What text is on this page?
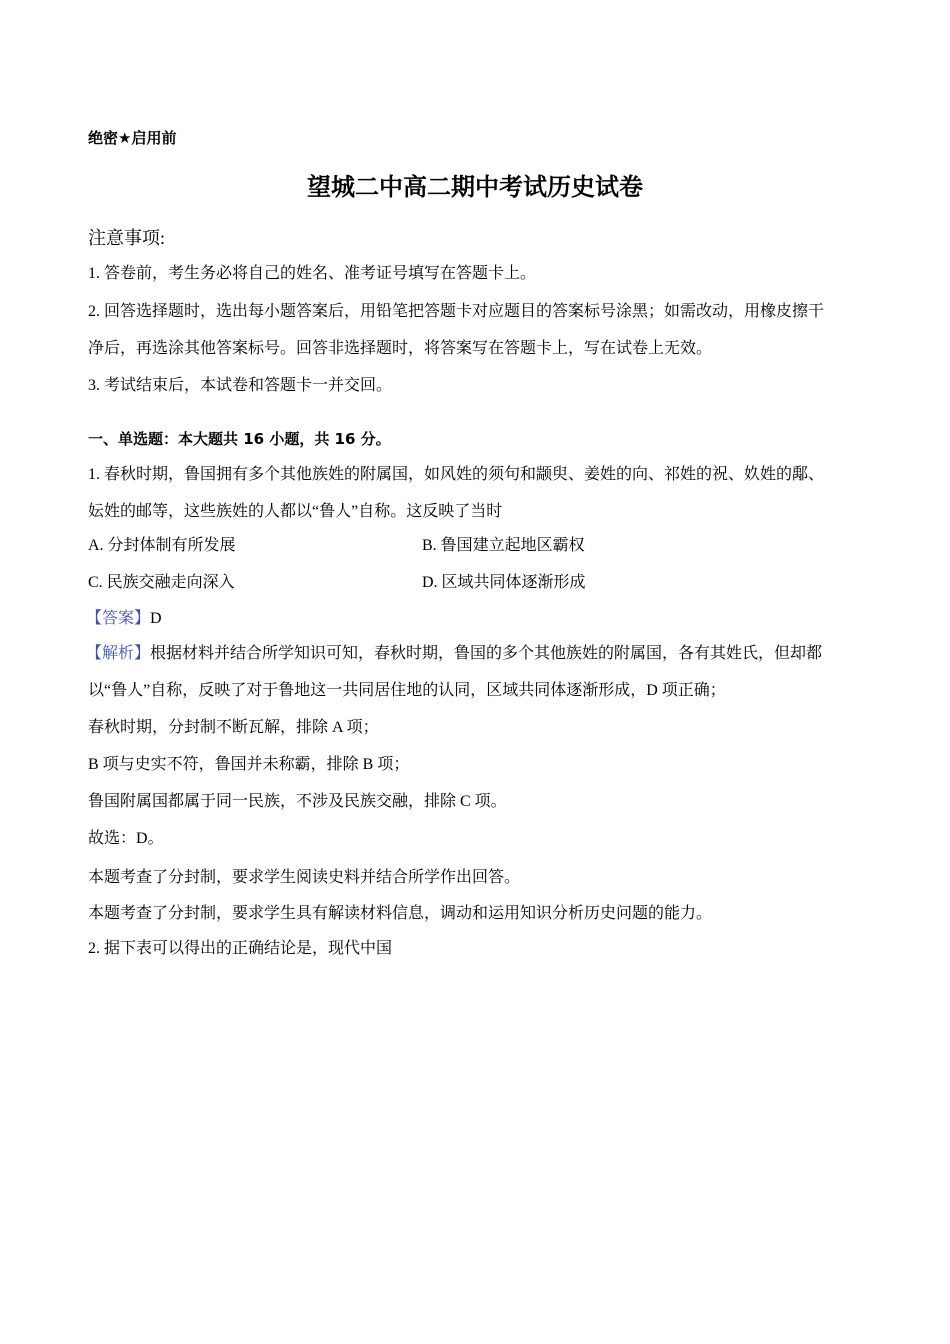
绝密★启用前
望城二中高二期中考试历史试卷
注意事项:
1. 答卷前，考生务必将自己的姓名、准考证号填写在答题卡上。
2. 回答选择题时，选出每小题答案后，用铅笔把答题卡对应题目的答案标号涂黑；如需改动，用橡皮擦干
净后，再选涂其他答案标号。回答非选择题时，将答案写在答题卡上，写在试卷上无效。
3. 考试结束后，本试卷和答题卡一并交回。
一、单选题：本大题共 16 小题，共 16 分。
1. 春秋时期，鲁国拥有多个其他族姓的附属国，如风姓的须句和颛臾、姜姓的向、祁姓的祝、奺姓的鄅、
妘姓的邮等，这些族姓的人都以“鲁人”自称。这反映了当时
A. 分封体制有所发展	B. 鲁国建立起地区霸权
C. 民族交融走向深入	D. 区域共同体逐渐形成
【答案】D
【解析】根据材料并结合所学知识可知，春秋时期，鲁国的多个其他族姓的附属国，各有其姓氏，但却都
以“鲁人”自称，反映了对于鲁地这一共同居住地的认同，区域共同体逐渐形成，D 项正确；
春秋时期，分封制不断瓦解，排除 A 项；
B 项与史实不符，鲁国并未称霸，排除 B 项；
鲁国附属国都属于同一民族，不涉及民族交融，排除 C 项。
故选：D。
本题考查了分封制，要求学生阅读史料并结合所学作出回答。
本题考查了分封制，要求学生具有解读材料信息，调动和运用知识分析历史问题的能力。
2. 据下表可以得出的正确结论是，现代中国
